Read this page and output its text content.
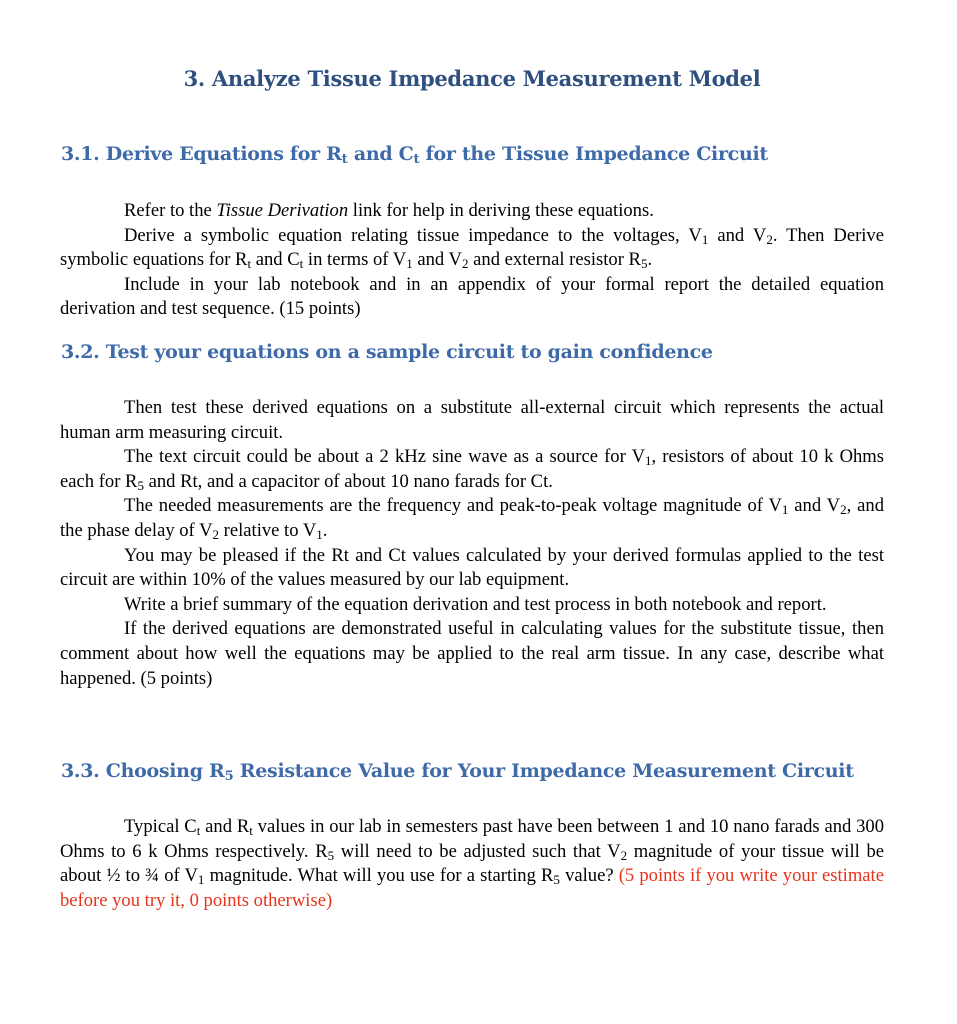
3. Analyze Tissue Impedance Measurement Model
3.1. Derive Equations for $R_t$ and $C_t$ for the Tissue Impedance Circuit

Refer to the Tissue Derivation link for help in deriving these equations.

Derive a symbolic equation relating tissue impedance to the voltages, $V_1$ and $V_2$. Then Derive symbolic equations for $R_t$ and $C_t$ in terms of $V_1$ and $V_2$ and external resistor $R_5$.

Include in your lab notebook and in an appendix of your formal report the detailed equation derivation and test sequence. (15 points)

3.2. Test your equations on a sample circuit to gain confidence

Then test these derived equations on a substitute all-external circuit which represents the actual human arm measuring circuit.

The text circuit could be about a 2 kHz sine wave as a source for $V_1$, resistors of about 10 k Ohms each for $R_5$ and Rt, and a capacitor of about 10 nano farads for Ct.

The needed measurements are the frequency and peak-to-peak voltage magnitude of $V_1$ and $V_2$, and the phase delay of $V_2$ relative to $V_1$.

You may be pleased if the Rt and Ct values calculated by your derived formulas applied to the test circuit are within 10% of the values measured by our lab equipment.

Write a brief summary of the equation derivation and test process in both notebook and report.

If the derived equations are demonstrated useful in calculating values for the substitute tissue, then comment about how well the equations may be applied to the real arm tissue. In any case, describe what happened. (5 points)

3.3. Choosing $R_5$ Resistance Value for Your Impedance Measurement Circuit

Typical $C_t$ and $R_t$ values in our lab in semesters past have been between 1 and 10 nano farads and 300 Ohms to 6 k Ohms respectively. $R_5$ will need to be adjusted such that $V_2$ magnitude of your tissue will be about ½ to ¾ of $V_1$ magnitude. What will you use for a starting $R_5$ value? (5 points if you write your estimate before you try it, 0 points otherwise)
